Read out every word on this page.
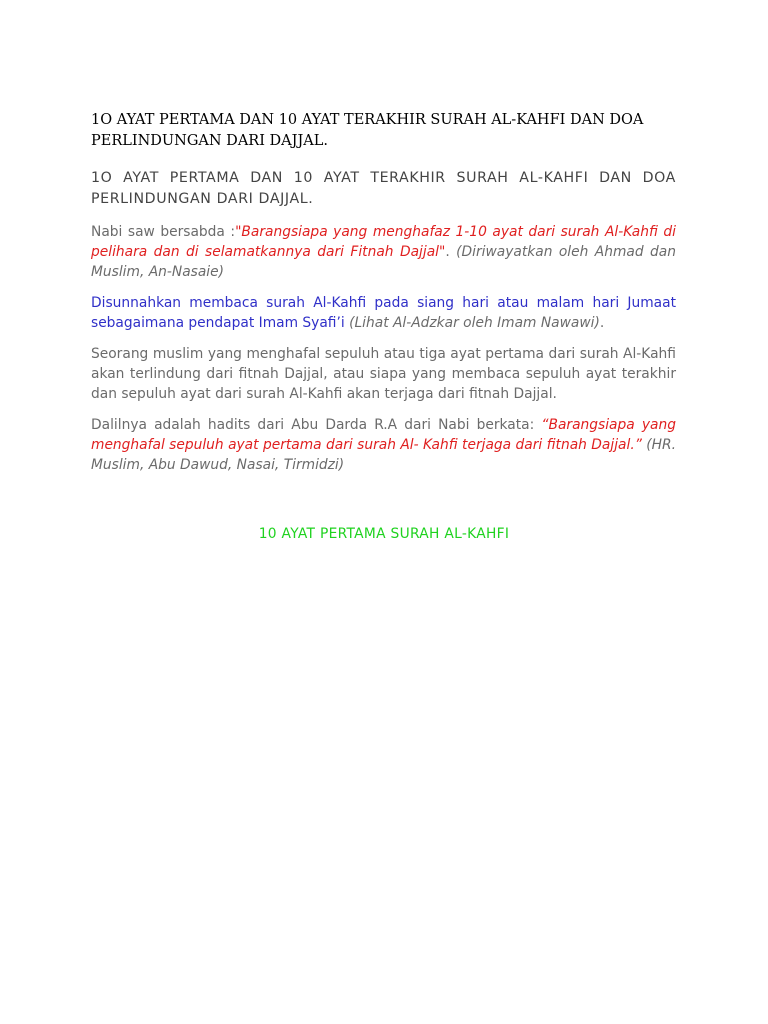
1O AYAT PERTAMA DAN 10 AYAT TERAKHIR SURAH AL-KAHFI DAN DOA PERLINDUNGAN DARI DAJJAL.

1O AYAT PERTAMA DAN 10 AYAT TERAKHIR SURAH AL-KAHFI DAN DOA PERLINDUNGAN DARI DAJJAL.

Nabi saw bersabda :"Barangsiapa yang menghafaz 1-10 ayat dari surah Al-Kahfi di pelihara dan di selamatkannya dari Fitnah Dajjal". (Diriwayatkan oleh Ahmad dan Muslim, An-Nasaie)

Disunnahkan membaca surah Al-Kahfi pada siang hari atau malam hari Jumaat sebagaimana pendapat Imam Syafi’i (Lihat Al-Adzkar oleh Imam Nawawi).

Seorang muslim yang menghafal sepuluh atau tiga ayat pertama dari surah Al-Kahfi akan terlindung dari fitnah Dajjal, atau siapa yang membaca sepuluh ayat terakhir dan sepuluh ayat dari surah Al-Kahfi akan terjaga dari fitnah Dajjal.

Dalilnya adalah hadits dari Abu Darda R.A dari Nabi berkata: “Barangsiapa yang menghafal sepuluh ayat pertama dari surah Al- Kahfi terjaga dari fitnah Dajjal.” (HR. Muslim, Abu Dawud, Nasai, Tirmidzi)

10 AYAT PERTAMA SURAH AL-KAHFI
